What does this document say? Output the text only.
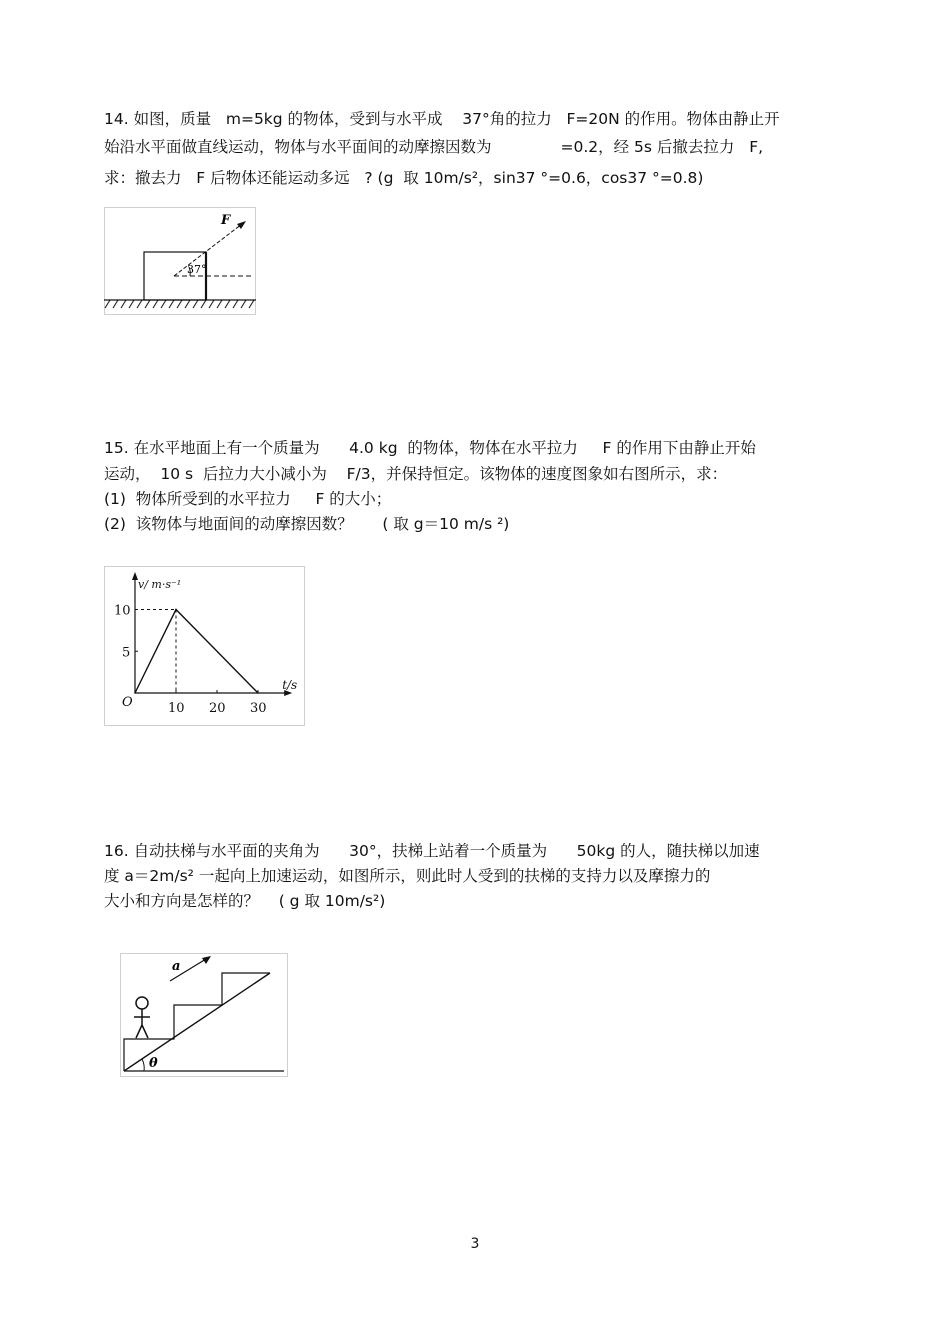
14. 如图，质量   m=5kg 的物体，受到与水平成    37°角的拉力   F=20N 的作用。物体由静止开
始沿水平面做直线运动，物体与水平面间的动摩擦因数为              =0.2，经 5s 后撤去拉力   F,
求：撤去力   F 后物体还能运动多远   ? (g  取 10m/s²，sin37 °=0.6，cos37 °=0.8)
F
37°
15. 在水平地面上有一个质量为      4.0 kg  的物体，物体在水平拉力     F 的作用下由静止开始
运动，  10 s  后拉力大小减小为    F/3，并保持恒定。该物体的速度图象如右图所示，求：
(1)  物体所受到的水平拉力     F 的大小；
(2)  该物体与地面间的动摩擦因数？      ( 取 g＝10 m/s ²)
v/ m·s⁻¹
t/s
O	10 20 30
5
10
16. 自动扶梯与水平面的夹角为      30°，扶梯上站着一个质量为      50kg 的人，随扶梯以加速
度 a＝2m/s² 一起向上加速运动，如图所示，则此时人受到的扶梯的支持力以及摩擦力的
大小和方向是怎样的？    ( g 取 10m/s²)
θ
a
3
